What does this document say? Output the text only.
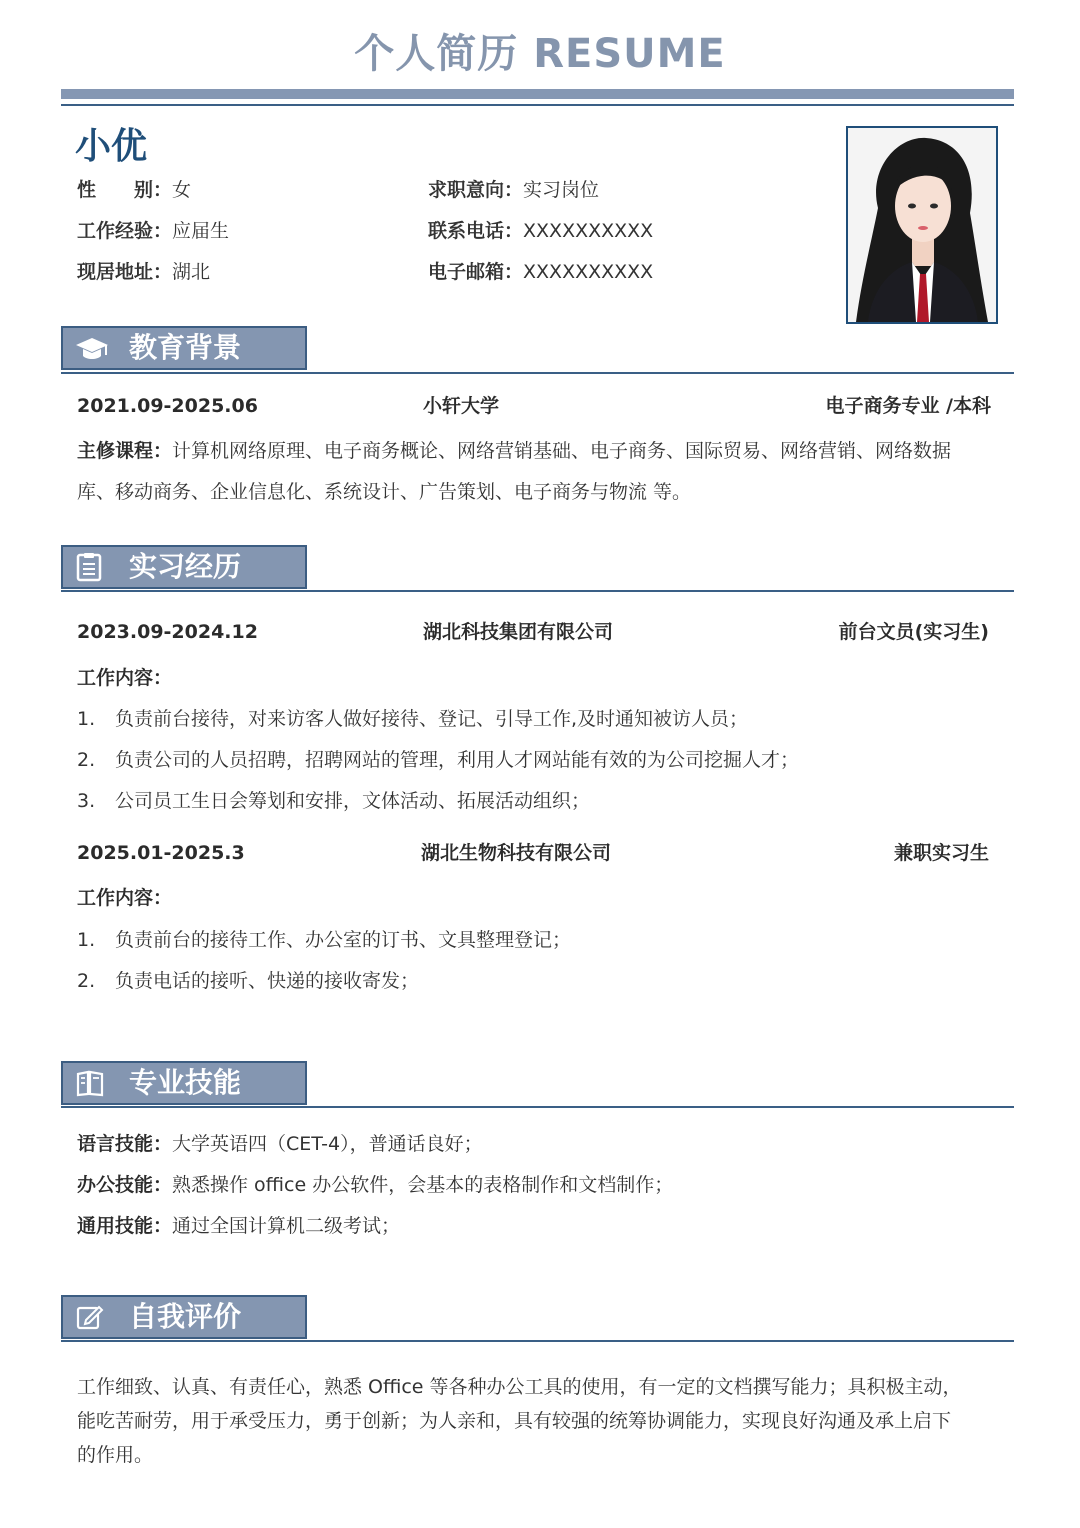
个人简历 RESUME
小优
性　　别：女	求职意向：实习岗位
工作经验：应届生	联系电话：XXXXXXXXXX
现居地址：湖北	电子邮箱：XXXXXXXXXX
教育背景
2021.09-2025.06	小轩大学	电子商务专业 /本科
主修课程：计算机网络原理、电子商务概论、网络营销基础、电子商务、国际贸易、网络营销、网络数据
库、移动商务、企业信息化、系统设计、广告策划、电子商务与物流 等。
实习经历
2023.09-2024.12	湖北科技集团有限公司	前台文员(实习生)
工作内容：
1. 负责前台接待，对来访客人做好接待、登记、引导工作,及时通知被访人员；
2. 负责公司的人员招聘，招聘网站的管理，利用人才网站能有效的为公司挖掘人才；
3. 公司员工生日会筹划和安排，文体活动、拓展活动组织；
2025.01-2025.3	湖北生物科技有限公司	兼职实习生
工作内容：
1. 负责前台的接待工作、办公室的订书、文具整理登记；
2. 负责电话的接听、快递的接收寄发；
专业技能
语言技能：大学英语四（CET-4），普通话良好；
办公技能：熟悉操作 office 办公软件，会基本的表格制作和文档制作；
通用技能：通过全国计算机二级考试；
自我评价
工作细致、认真、有责任心，熟悉 Office 等各种办公工具的使用，有一定的文档撰写能力；具积极主动，
能吃苦耐劳，用于承受压力，勇于创新；为人亲和，具有较强的统筹协调能力，实现良好沟通及承上启下
的作用。
